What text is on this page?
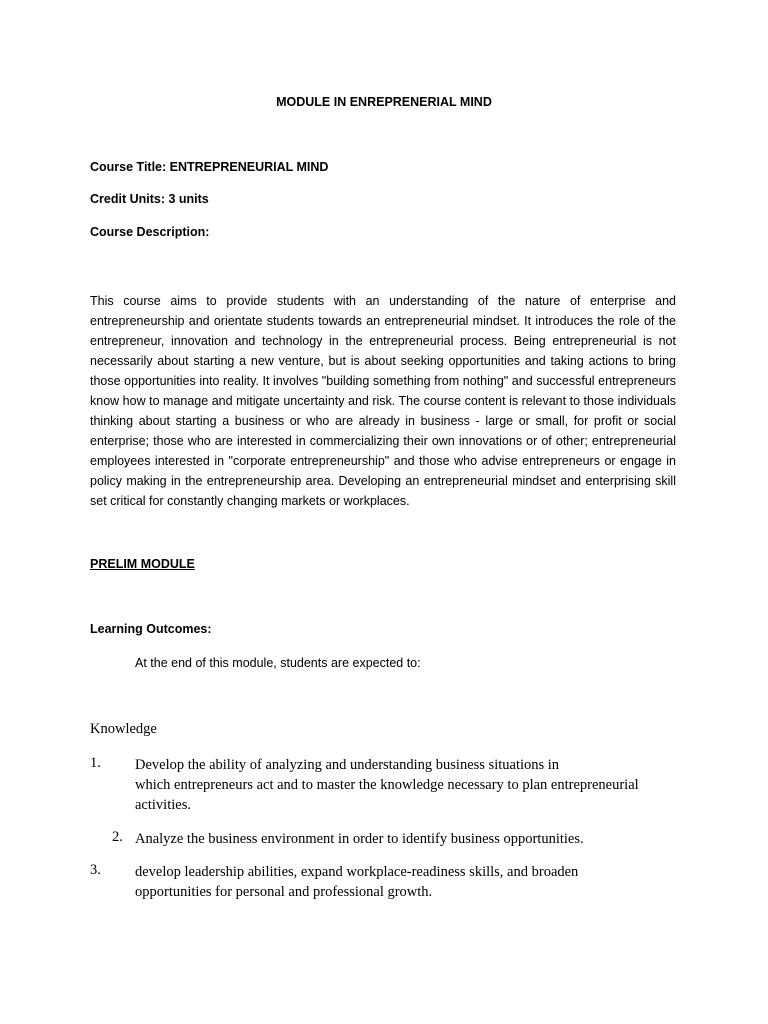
MODULE IN ENREPRENERIAL MIND

Course Title: ENTREPRENEURIAL MIND

Credit Units: 3 units

Course Description:

This course aims to provide students with an understanding of the nature of enterprise and entrepreneurship and orientate students towards an entrepreneurial mindset. It introduces the role of the entrepreneur, innovation and technology in the entrepreneurial process. Being entrepreneurial is not necessarily about starting a new venture, but is about seeking opportunities and taking actions to bring those opportunities into reality. It involves "building something from nothing" and successful entrepreneurs know how to manage and mitigate uncertainty and risk. The course content is relevant to those individuals thinking about starting a business or who are already in business - large or small, for profit or social enterprise; those who are interested in commercializing their own innovations or of other; entrepreneurial employees interested in "corporate entrepreneurship" and those who advise entrepreneurs or engage in policy making in the entrepreneurship area. Developing an entrepreneurial mindset and enterprising skill set critical for constantly changing markets or workplaces.

PRELIM MODULE

Learning Outcomes:

At the end of this module, students are expected to:

Knowledge

1.	Develop the ability of analyzing and understanding business situations in
which entrepreneurs act and to master the knowledge necessary to plan entrepreneurial
activities.
2. Analyze the business environment in order to identify business opportunities.
3.	develop leadership abilities, expand workplace-readiness skills, and broaden
opportunities for personal and professional growth.
